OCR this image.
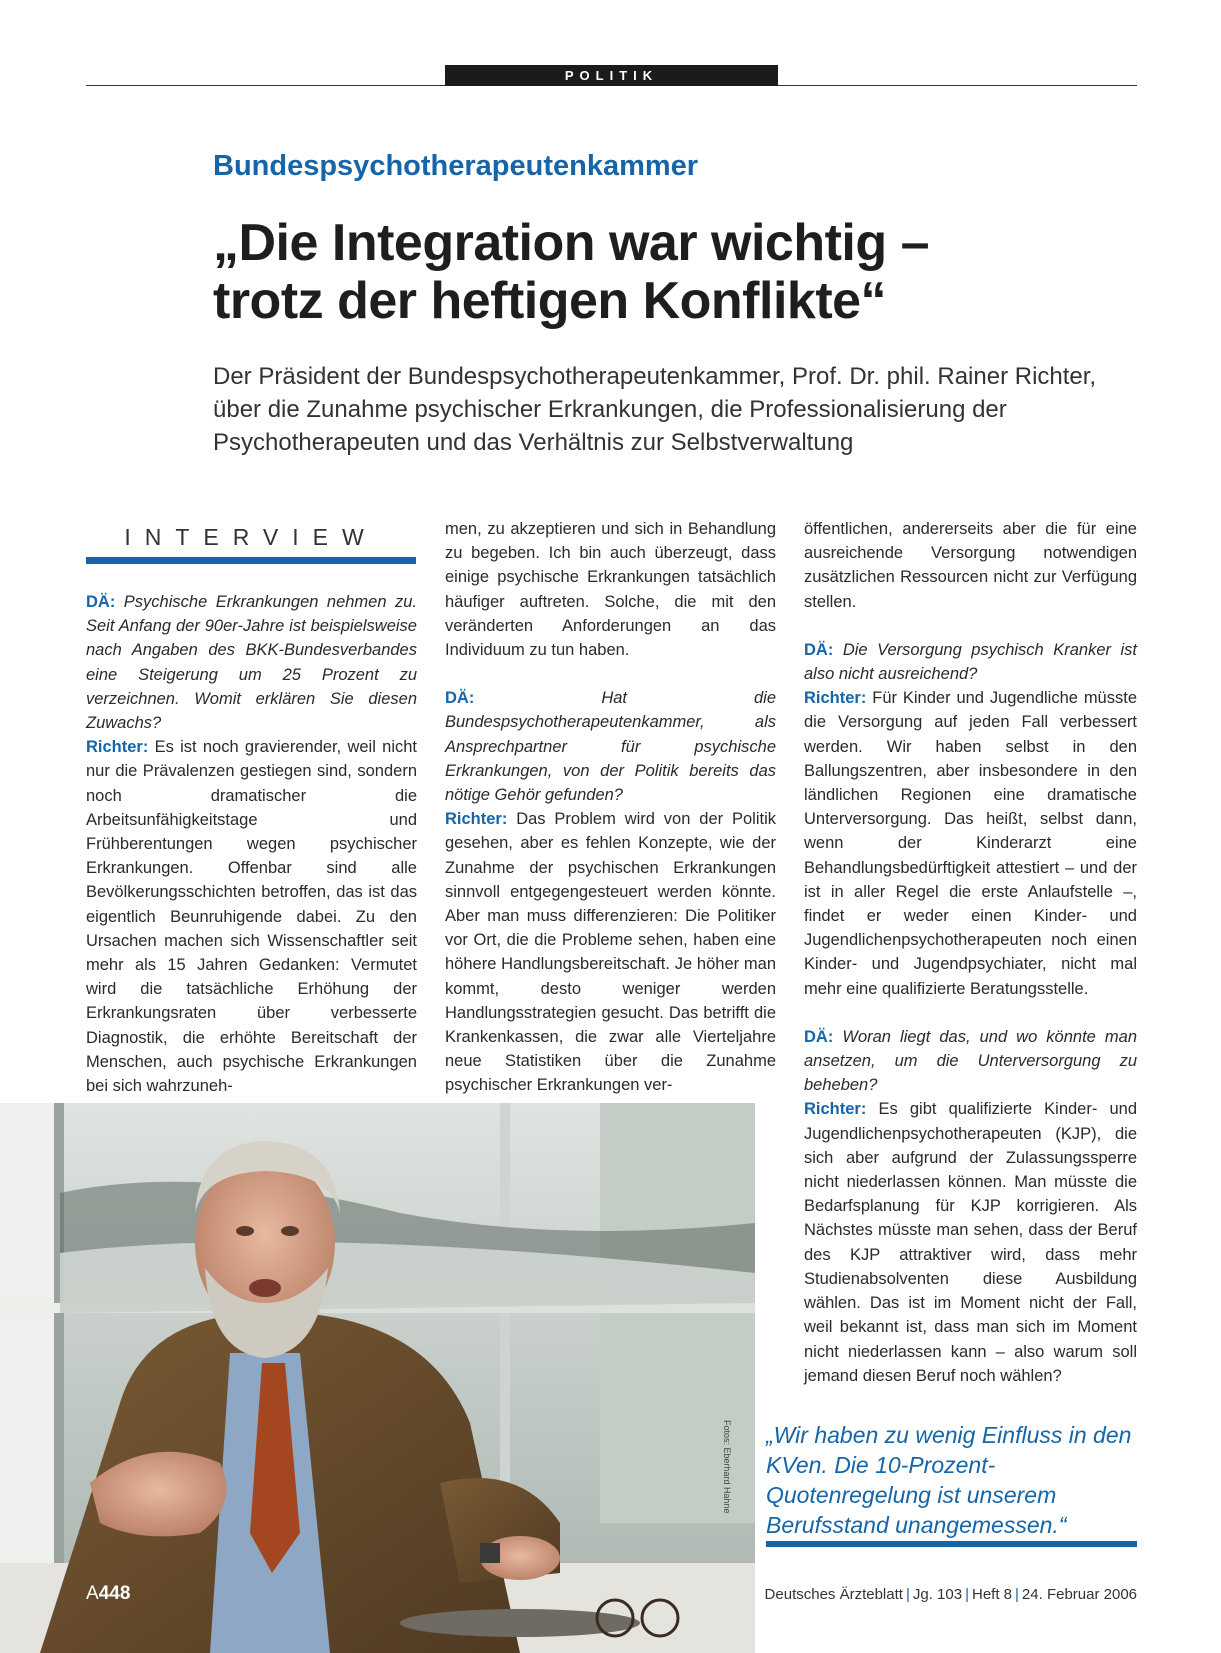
POLITIK
Bundespsychotherapeutenkammer
„Die Integration war wichtig –
trotz der heftigen Konflikte“
Der Präsident der Bundespsychotherapeutenkammer, Prof. Dr. phil. Rainer Richter, über die Zunahme psychischer Erkrankungen, die Professionalisierung der Psychotherapeuten und das Verhältnis zur Selbstverwaltung
INTERVIEW

DÄ: Psychische Erkrankungen nehmen zu. Seit Anfang der 90er-Jahre ist beispielsweise nach Angaben des BKK-Bundesverbandes eine Steigerung um 25 Prozent zu verzeichnen. Womit erklären Sie diesen Zuwachs?

Richter: Es ist noch gravierender, weil nicht nur die Prävalenzen gestiegen sind, sondern noch dramatischer die Arbeitsunfähigkeitstage und Frühberentungen wegen psychischer Erkrankungen. Offenbar sind alle Bevölkerungsschichten betroffen, das ist das eigentlich Beunruhigende dabei. Zu den Ursachen machen sich Wissenschaftler seit mehr als 15 Jahren Gedanken: Vermutet wird die tatsächliche Erhöhung der Erkrankungsraten über verbesserte Diagnostik, die erhöhte Bereitschaft der Menschen, auch psychische Erkrankungen bei sich wahrzuneh-

men, zu akzeptieren und sich in Behandlung zu begeben. Ich bin auch überzeugt, dass einige psychische Erkrankungen tatsächlich häufiger auftreten. Solche, die mit den veränderten Anforderungen an das Individuum zu tun haben.

DÄ:	Hat die Bundespsychotherapeutenkammer, als Ansprechpartner für psychische Erkrankungen, von der Politik bereits das nötige Gehör gefunden?

Richter: Das Problem wird von der Politik gesehen, aber es fehlen Konzepte, wie der Zunahme der psychischen Erkrankungen sinnvoll entgegengesteuert werden könnte. Aber man muss differenzieren: Die Politiker vor Ort, die die Probleme sehen, haben eine höhere Handlungsbereitschaft. Je höher man kommt, desto weniger werden Handlungsstrategien gesucht. Das betrifft die Krankenkassen, die zwar alle Vierteljahre neue Statistiken über die Zunahme psychischer Erkrankungen ver-

öffentlichen, andererseits aber die für eine ausreichende Versorgung notwendigen zusätzlichen Ressourcen nicht zur Verfügung stellen.

DÄ: Die Versorgung psychisch Kranker ist also nicht ausreichend?

Richter: Für Kinder und Jugendliche müsste die Versorgung auf jeden Fall verbessert werden. Wir haben selbst in den Ballungszentren, aber insbesondere in den ländlichen Regionen eine dramatische Unterversorgung. Das heißt, selbst dann, wenn der Kinderarzt eine Behandlungsbedürftigkeit attestiert – und der ist in aller Regel die erste Anlaufstelle –, findet er weder einen Kinder- und Jugendlichenpsychotherapeuten noch einen Kinder- und Jugendpsychiater, nicht mal mehr eine qualifizierte Beratungsstelle.

DÄ: Woran liegt das, und wo könnte man ansetzen, um die Unterversorgung zu beheben?

Richter: Es gibt qualifizierte Kinder- und Jugendlichenpsychotherapeuten (KJP), die sich aber aufgrund der Zulassungssperre nicht niederlassen können. Man müsste die Bedarfsplanung für KJP korrigieren. Als Nächstes müsste man sehen, dass der Beruf des KJP attraktiver wird, dass mehr Studienabsolventen diese Ausbildung wählen. Das ist im Moment nicht der Fall, weil bekannt ist, dass man sich im Moment nicht niederlassen kann – also warum soll jemand diesen Beruf noch wählen?

Fotos: Eberhard Hahne „Wir haben zu wenig Einfluss in den KVen. Die 10-Prozent-Quotenregelung ist unserem Berufsstand unangemessen.“
A448	Deutsches Ärzteblatt | Jg. 103 | Heft 8 | 24. Februar 2006
